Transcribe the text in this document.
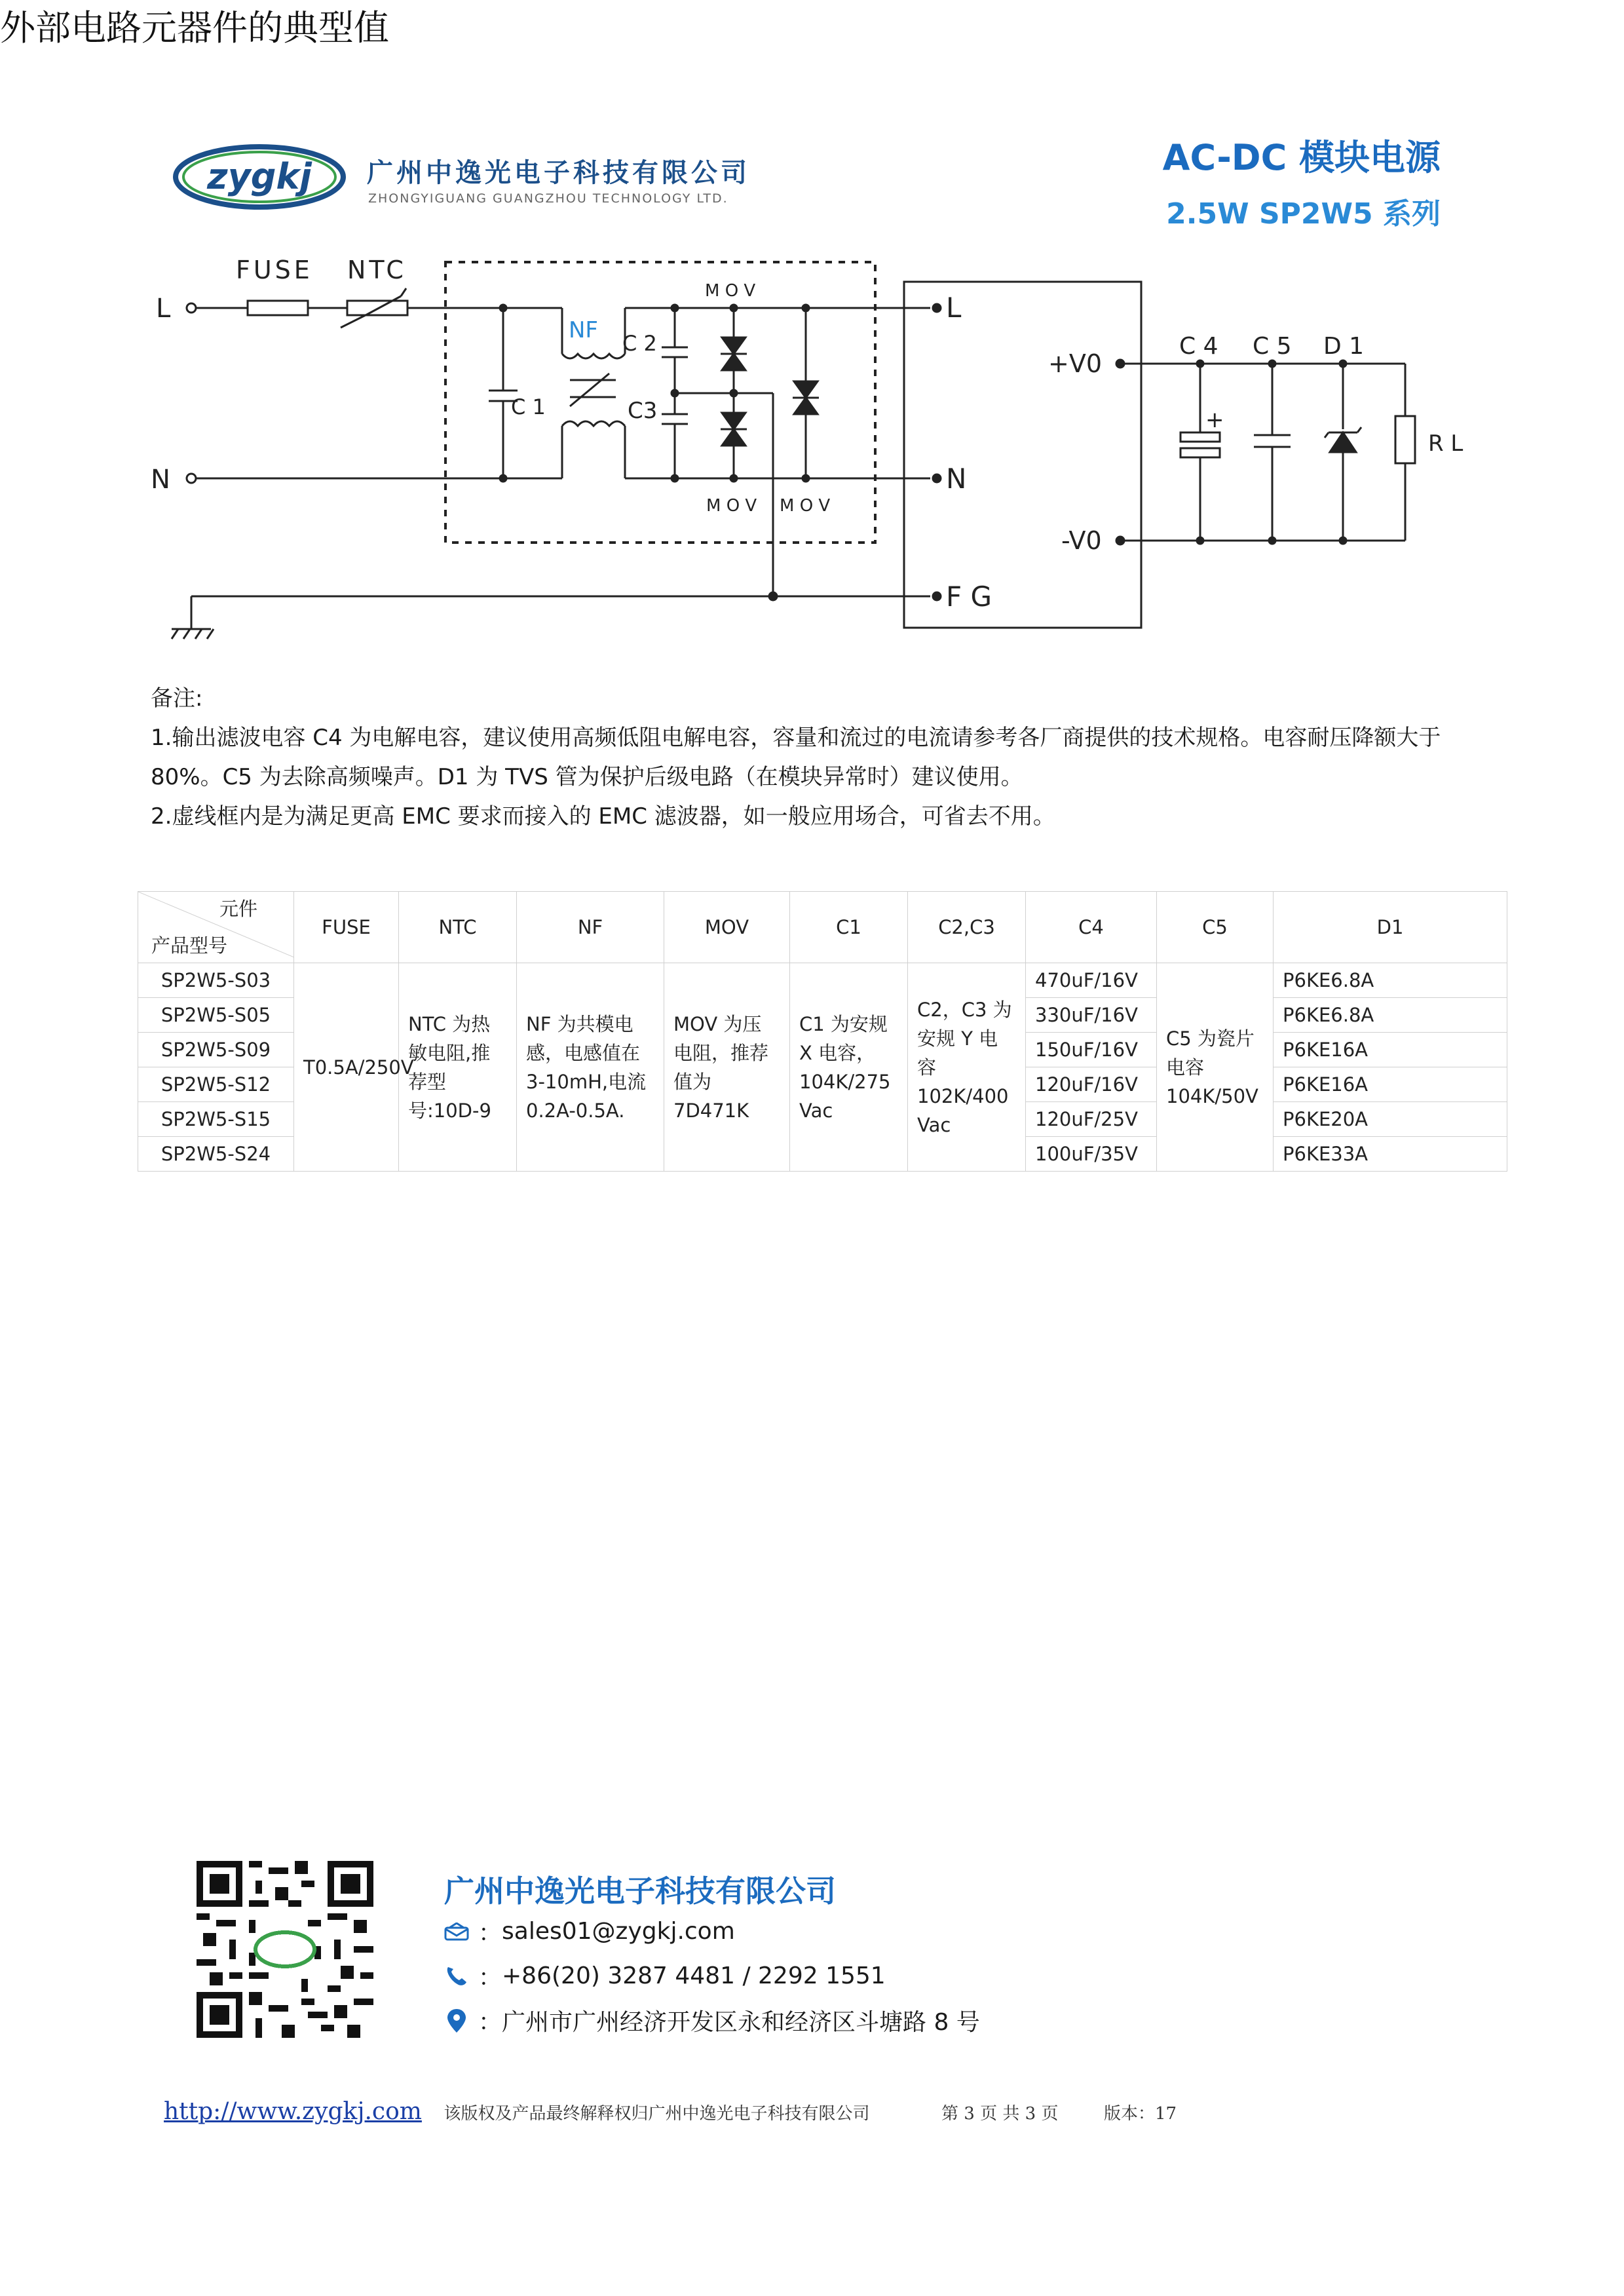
zygkj 广州中逸光电子科技有限公司
ZHONGYIGUANG GUANGZHOU TECHNOLOGY LTD.
AC-DC 模块电源
2.5W SP2W5 系列
L
N
FUSE NTC
NF
C 1
C 2
C3
M O V
M O V M O V
L
N
F G
+V0
-V0
C 4 C 5 D 1
R L
+
备注:
1.输出滤波电容 C4 为电解电容，建议使用高频低阻电解电容，容量和流过的电流请参考各厂商提供的技术规格。电容耐压降额大于
80%。C5 为去除高频噪声。D1 为 TVS 管为保护后级电路（在模块异常时）建议使用。
2.虚线框内是为满足更高 EMC 要求而接入的 EMC 滤波器，如一般应用场合，可省去不用。
外部电路元器件的典型值
元件
产品型号	FUSE	NTC	NF	MOV	C1	C2,C3	C4	C5	D1
SP2W5-S03	T0.5A/250V	NTC 为热敏电阻,推荐型号:10D-9	NF 为共模电感，电感值在 3-10mH,电流 0.2A-0.5A.	MOV 为压电阻，推荐值为 7D471K	C1 为安规 X 电容，104K/275 Vac	C2，C3 为安规 Y 电容 102K/400 Vac	470uF/16V	C5 为瓷片电容 104K/50V	P6KE6.8A
SP2W5-S05							330uF/16V		P6KE6.8A
SP2W5-S09							150uF/16V		P6KE16A
SP2W5-S12							120uF/16V		P6KE16A
SP2W5-S15							120uF/25V		P6KE20A
SP2W5-S24							100uF/35V		P6KE33A
广州中逸光电子科技有限公司
： sales01@zygkj.com
： +86(20) 3287 4481 / 2292 1551
： 广州市广州经济开发区永和经济区斗塘路 8 号
http://www.zygkj.com 该版权及产品最终解释权归广州中逸光电子科技有限公司	第 3 页 共 3 页	版本：17
